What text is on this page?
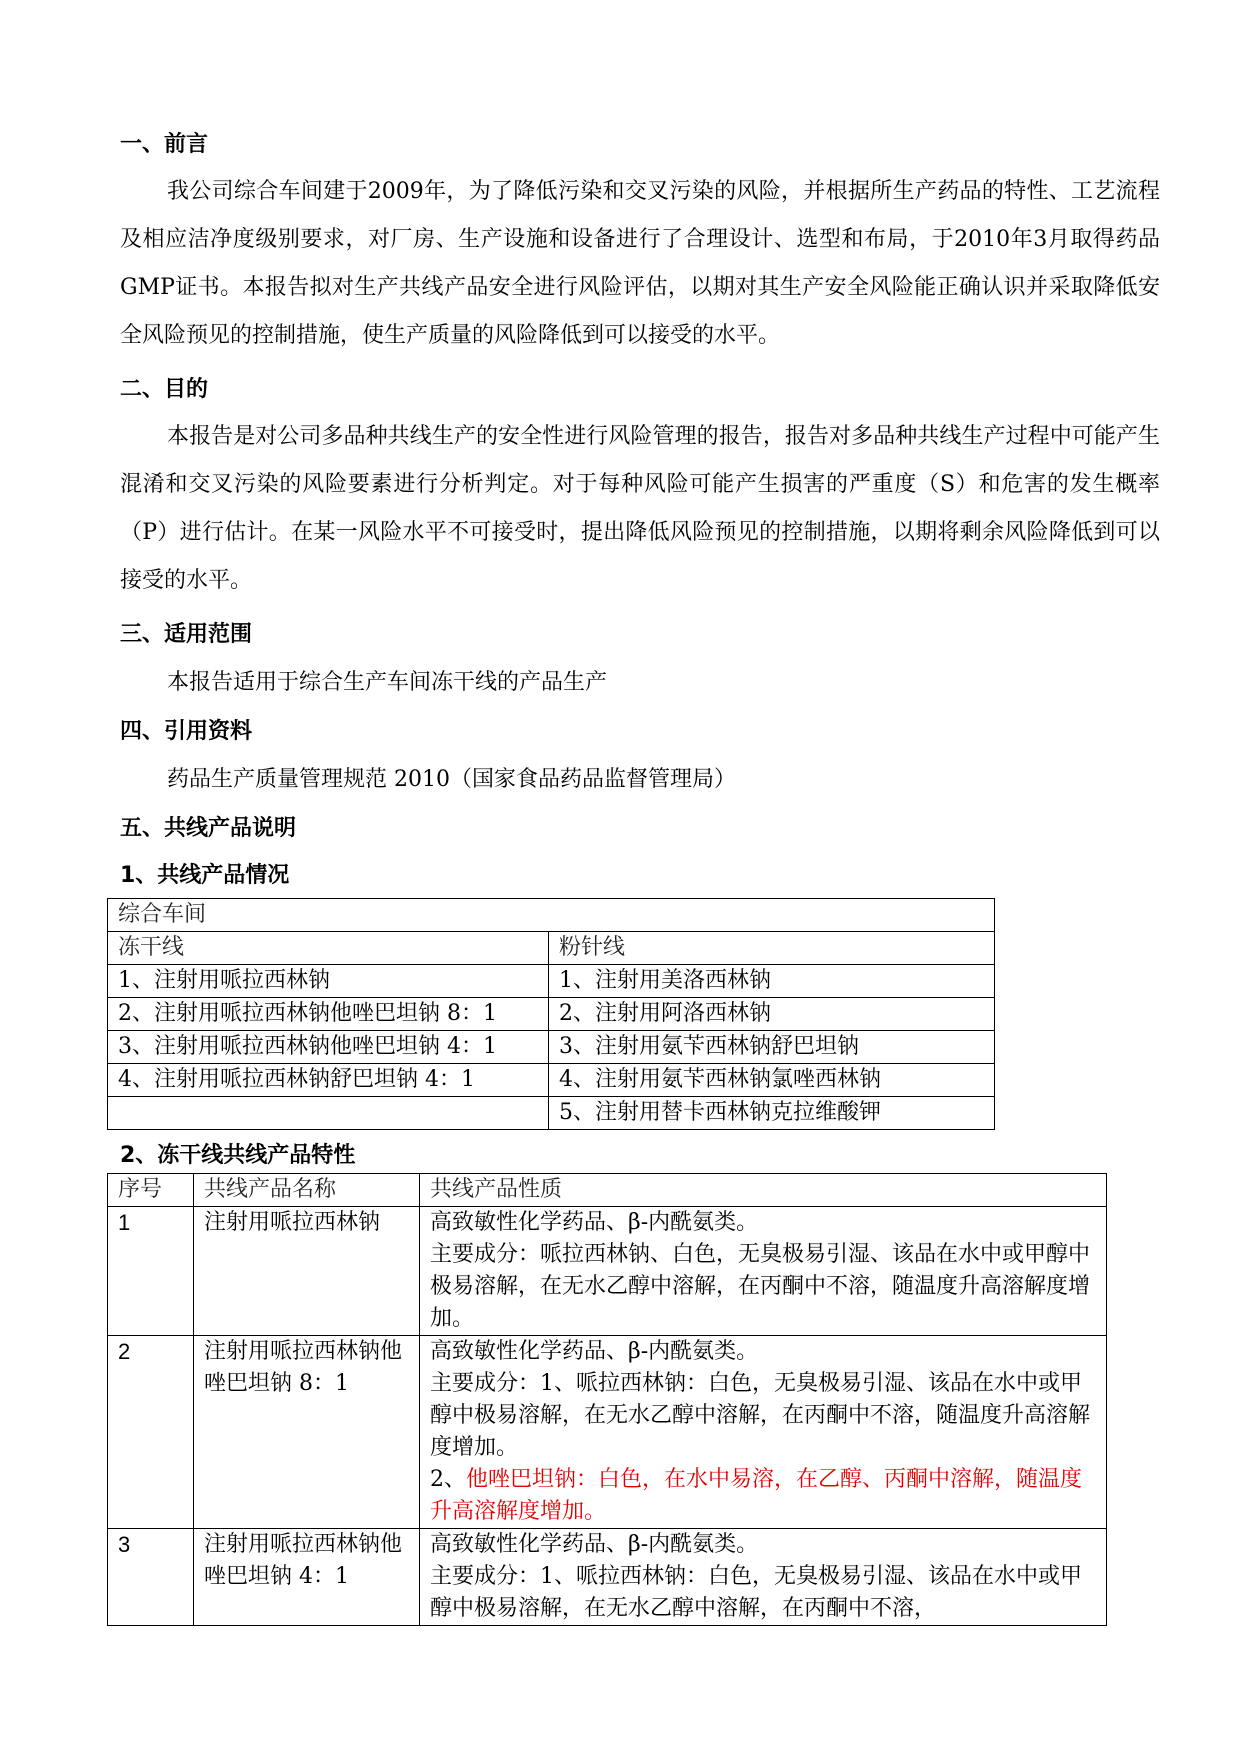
一、前言

我公司综合车间建于2009年，为了降低污染和交叉污染的风险，并根据所生产药品的特性、工艺流程及相应洁净度级别要求，对厂房、生产设施和设备进行了合理设计、选型和布局，于2010年3月取得药品GMP证书。本报告拟对生产共线产品安全进行风险评估，以期对其生产安全风险能正确认识并采取降低安全风险预见的控制措施，使生产质量的风险降低到可以接受的水平。

二、目的

本报告是对公司多品种共线生产的安全性进行风险管理的报告，报告对多品种共线生产过程中可能产生混淆和交叉污染的风险要素进行分析判定。对于每种风险可能产生损害的严重度（S）和危害的发生概率（P）进行估计。在某一风险水平不可接受时，提出降低风险预见的控制措施，以期将剩余风险降低到可以接受的水平。

三、适用范围

本报告适用于综合生产车间冻干线的产品生产

四、引用资料

药品生产质量管理规范 2010（国家食品药品监督管理局）

五、共线产品说明
1、共线产品情况
综合车间	
冻干线	粉针线
1、注射用哌拉西林钠	1、注射用美洛西林钠
2、注射用哌拉西林钠他唑巴坦钠 8：1	2、注射用阿洛西林钠
3、注射用哌拉西林钠他唑巴坦钠 4：1	3、注射用氨苄西林钠舒巴坦钠
4、注射用哌拉西林钠舒巴坦钠 4：1	4、注射用氨苄西林钠氯唑西林钠
	5、注射用替卡西林钠克拉维酸钾
2、冻干线共线产品特性
序号	共线产品名称	共线产品性质
1	注射用哌拉西林钠	高致敏性化学药品、β-内酰氨类。
主要成分：哌拉西林钠、白色，无臭极易引湿、该品在水中或甲醇中极易溶解，在无水乙醇中溶解，在丙酮中不溶，随温度升高溶解度增加。

2	注射用哌拉西林钠他唑巴坦钠 8：1	高致敏性化学药品、β-内酰氨类。
主要成分：1、哌拉西林钠：白色，无臭极易引湿、该品在水中或甲醇中极易溶解，在无水乙醇中溶解，在丙酮中不溶，随温度升高溶解度增加。
2、他唑巴坦钠：白色，在水中易溶，在乙醇、丙酮中溶解，随温度升高溶解度增加。

3	注射用哌拉西林钠他唑巴坦钠 4：1	高致敏性化学药品、β-内酰氨类。
主要成分：1、哌拉西林钠：白色，无臭极易引湿、该品在水中或甲醇中极易溶解，在无水乙醇中溶解，在丙酮中不溶，
